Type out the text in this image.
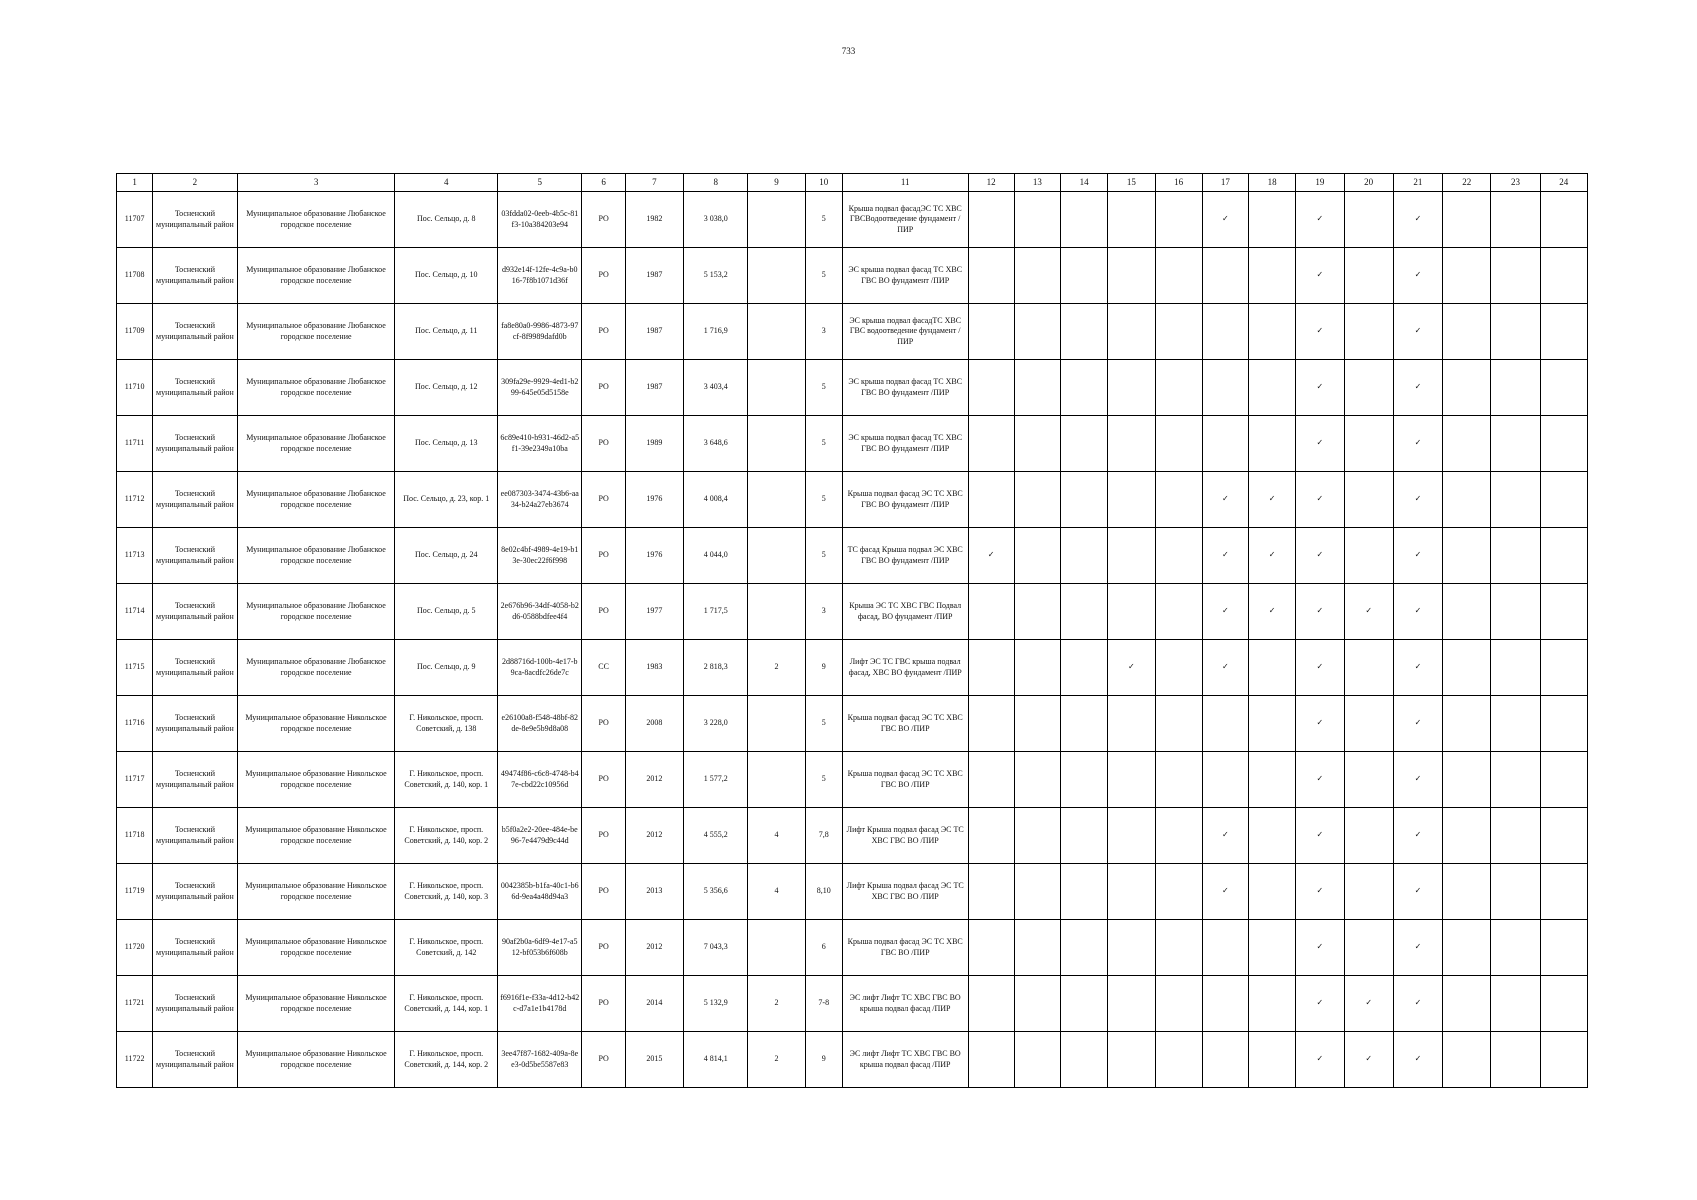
733
1	2	3	4	5	6	7	8	9	10	11	12	13	14	15	16	17	18	19	20	21	22	23	24
11707	Тосненский муниципальный район	Муниципальное образование Любанское городское поселение	Пос. Сельцо, д. 8	03fdda02-0eeb-4b5c-81f3-10a384203e94	РО	1982	3 038,0		5	Крыша подвал фасадЭС ТС ХВС ГВСВодоотведение фундамент /ПИР						✓		✓		✓			
11708	Тосненский муниципальный район	Муниципальное образование Любанское городское поселение	Пос. Сельцо, д. 10	d932e14f-12fe-4c9a-b016-7f8b1071d36f	РО	1987	5 153,2		5	ЭС крыша подвал фасад ТС ХВС ГВС ВО фундамент /ПИР								✓		✓			
11709	Тосненский муниципальный район	Муниципальное образование Любанское городское поселение	Пос. Сельцо, д. 11	fa8e80a0-9986-4873-97cf-8f9989dafd0b	РО	1987	1 716,9		3	ЭС крыша подвал фасадТС ХВС ГВС водоотведение фундамент /ПИР								✓		✓			
11710	Тосненский муниципальный район	Муниципальное образование Любанское городское поселение	Пос. Сельцо, д. 12	309fa29e-9929-4ed1-b299-645e05d5158e	РО	1987	3 403,4		5	ЭС крыша подвал фасад ТС ХВС ГВС ВО фундамент /ПИР								✓		✓			
11711	Тосненский муниципальный район	Муниципальное образование Любанское городское поселение	Пос. Сельцо, д. 13	6c89e410-b931-46d2-a5f1-39e2349a10ba	РО	1989	3 648,6		5	ЭС крыша подвал фасад ТС ХВС ГВС ВО фундамент /ПИР								✓		✓			
11712	Тосненский муниципальный район	Муниципальное образование Любанское городское поселение	Пос. Сельцо, д. 23, кор. 1	ee087303-3474-43b6-aa34-b24a27eb3674	РО	1976	4 008,4		5	Крыша подвал фасад ЭС ТС ХВС ГВС ВО фундамент /ПИР						✓	✓	✓		✓			
11713	Тосненский муниципальный район	Муниципальное образование Любанское городское поселение	Пос. Сельцо, д. 24	8e02c4bf-4989-4e19-b13e-30ec22f6f998	РО	1976	4 044,0		5	ТС фасад Крыша подвал ЭС ХВС ГВС ВО фундамент /ПИР	✓					✓	✓	✓		✓			
11714	Тосненский муниципальный район	Муниципальное образование Любанское городское поселение	Пос. Сельцо, д. 5	2e676b96-34df-4058-b2d6-0588bdfee4f4	РО	1977	1 717,5		3	Крыша ЭС ТС ХВС ГВС Подвал фасад, ВО фундамент /ПИР						✓	✓	✓	✓	✓			
11715	Тосненский муниципальный район	Муниципальное образование Любанское городское поселение	Пос. Сельцо, д. 9	2d88716d-100b-4e17-b9ca-8acdfc26de7c	СС	1983	2 818,3	2	9	Лифт ЭС ТС ГВС крыша подвал фасад, ХВС ВО фундамент /ПИР				✓		✓		✓		✓			
11716	Тосненский муниципальный район	Муниципальное образование Никольское городское поселение	Г. Никольское, просп. Советский, д. 138	e26100a8-f548-48bf-82de-8e9e5b9d8a08	РО	2008	3 228,0		5	Крыша подвал фасад ЭС ТС ХВС ГВС ВО /ПИР								✓		✓			
11717	Тосненский муниципальный район	Муниципальное образование Никольское городское поселение	Г. Никольское, просп. Советский, д. 140, кор. 1	49474f86-c6c8-4748-b47e-cbd22c10956d	РО	2012	1 577,2		5	Крыша подвал фасад ЭС ТС ХВС ГВС ВО /ПИР								✓		✓			
11718	Тосненский муниципальный район	Муниципальное образование Никольское городское поселение	Г. Никольское, просп. Советский, д. 140, кор. 2	b5f0a2e2-20ee-484e-be96-7e4479d9c44d	РО	2012	4 555,2	4	7,8	Лифт Крыша подвал фасад ЭС ТС ХВС ГВС ВО /ПИР						✓		✓		✓			
11719	Тосненский муниципальный район	Муниципальное образование Никольское городское поселение	Г. Никольское, просп. Советский, д. 140, кор. 3	0042385b-b1fa-40c1-b66d-9ea4a48d94a3	РО	2013	5 356,6	4	8,10	Лифт Крыша подвал фасад ЭС ТС ХВС ГВС ВО /ПИР						✓		✓		✓			
11720	Тосненский муниципальный район	Муниципальное образование Никольское городское поселение	Г. Никольское, просп. Советский, д. 142	90af2b0a-6df9-4e17-a512-bf053b6f608b	РО	2012	7 043,3		6	Крыша подвал фасад ЭС ТС ХВС ГВС ВО /ПИР								✓		✓			
11721	Тосненский муниципальный район	Муниципальное образование Никольское городское поселение	Г. Никольское, просп. Советский, д. 144, кор. 1	f6916f1e-f33a-4d12-b42c-d7a1e1b4178d	РО	2014	5 132,9	2	7-8	ЭС лифт Лифт ТС ХВС ГВС ВО крыша подвал фасад /ПИР								✓	✓	✓			
11722	Тосненский муниципальный район	Муниципальное образование Никольское городское поселение	Г. Никольское, просп. Советский, д. 144, кор. 2	3ee47f87-1682-409a-8ee3-0d5be5587e83	РО	2015	4 814,1	2	9	ЭС лифт Лифт ТС ХВС ГВС ВО крыша подвал фасад /ПИР								✓	✓	✓			
